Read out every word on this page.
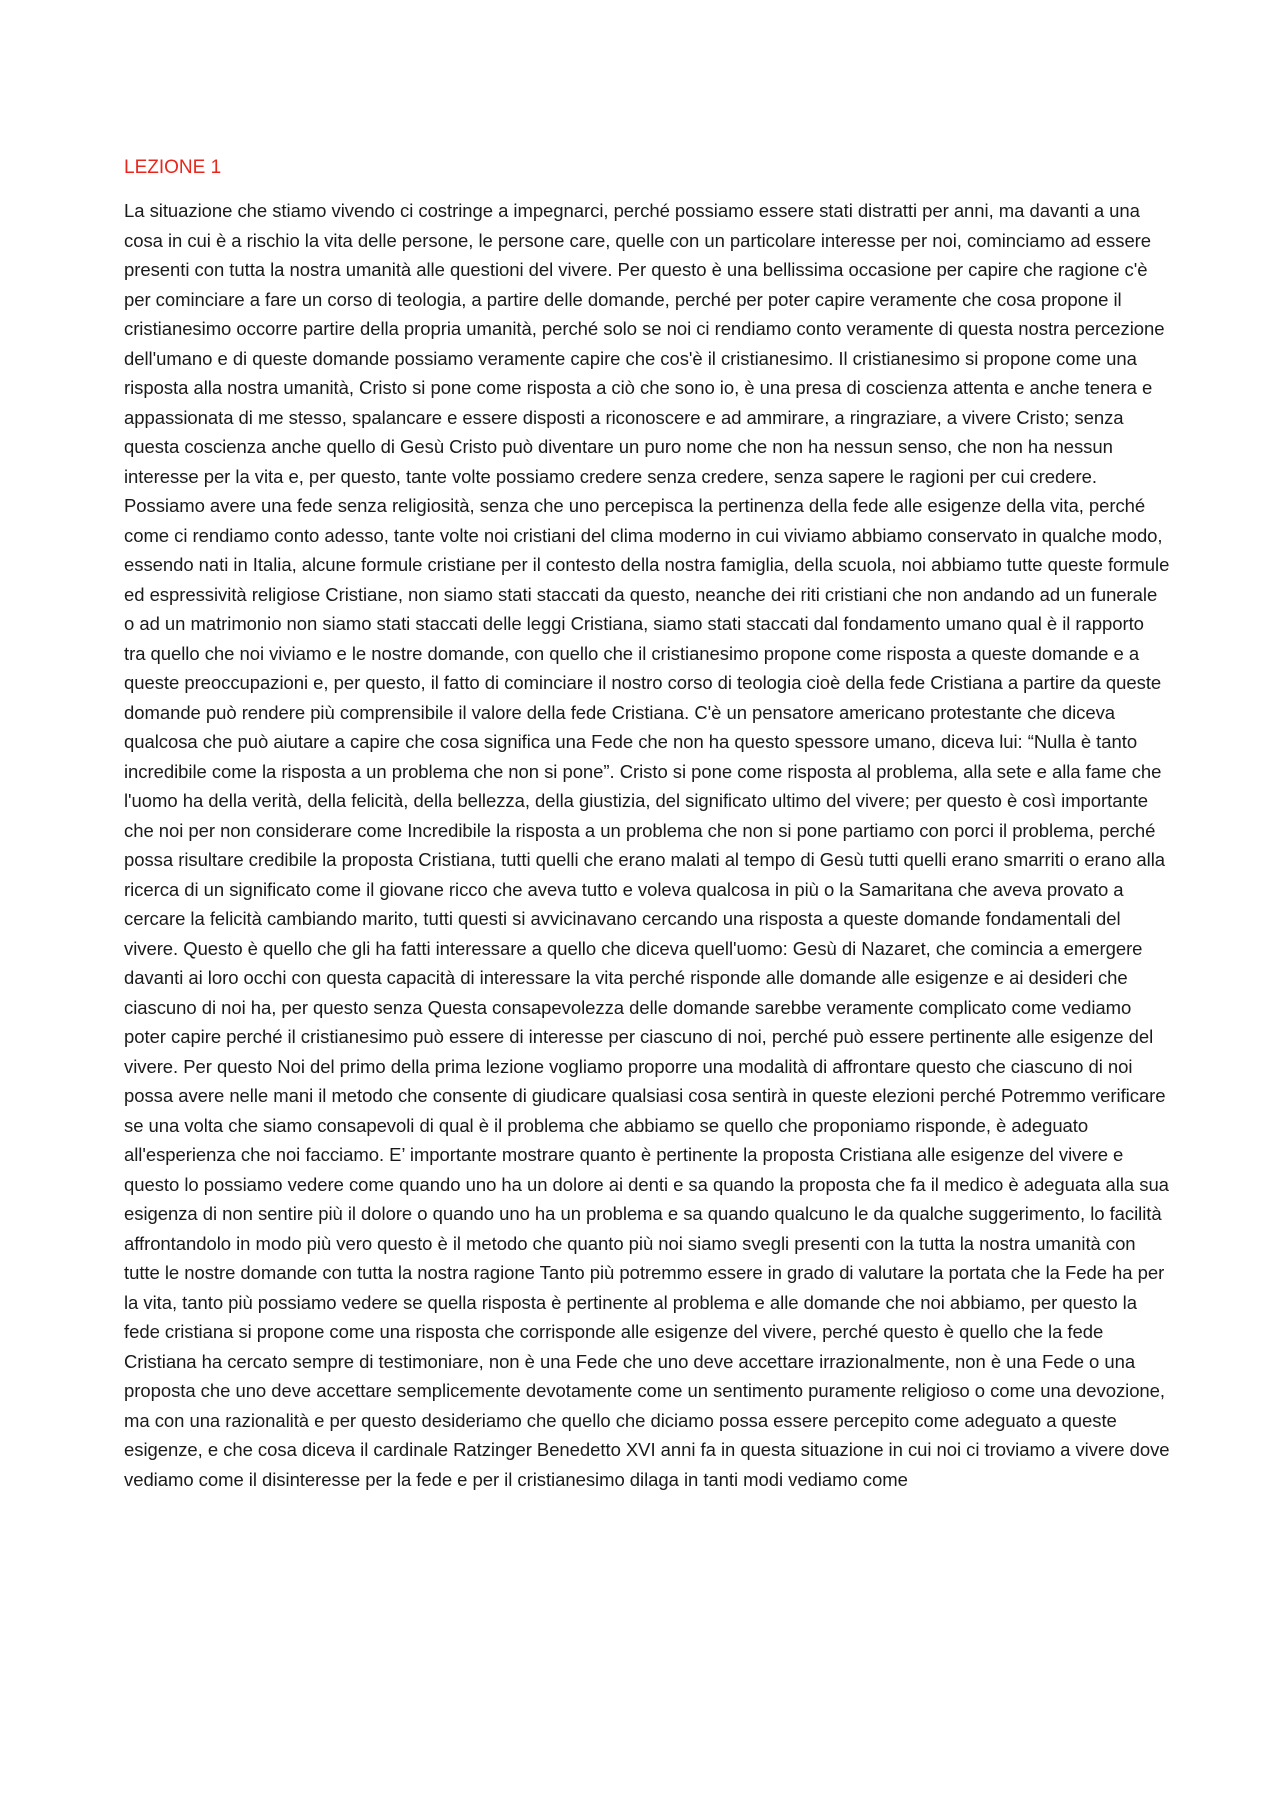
LEZIONE 1

La situazione che stiamo vivendo ci costringe a impegnarci, perché possiamo essere stati distratti per anni, ma davanti a una cosa in cui è a rischio la vita delle persone, le persone care, quelle con un particolare interesse per noi, cominciamo ad essere presenti con tutta la nostra umanità alle questioni del vivere. Per questo è una bellissima occasione per capire che ragione c'è per cominciare a fare un corso di teologia, a partire delle domande, perché per poter capire veramente che cosa propone il cristianesimo occorre partire della propria umanità, perché solo se noi ci rendiamo conto veramente di questa nostra percezione dell'umano e di queste domande possiamo veramente capire che cos'è il cristianesimo. Il cristianesimo si propone come una risposta alla nostra umanità, Cristo si pone come risposta a ciò che sono io, è una presa di coscienza attenta e anche tenera e appassionata di me stesso, spalancare e essere disposti a riconoscere e ad ammirare, a ringraziare, a vivere Cristo; senza questa coscienza anche quello di Gesù Cristo può diventare un puro nome che non ha nessun senso, che non ha nessun interesse per la vita e, per questo, tante volte possiamo credere senza credere, senza sapere le ragioni per cui credere. Possiamo avere una fede senza religiosità, senza che uno percepisca la pertinenza della fede alle esigenze della vita, perché come ci rendiamo conto adesso, tante volte noi cristiani del clima moderno in cui viviamo abbiamo conservato in qualche modo, essendo nati in Italia, alcune formule cristiane per il contesto della nostra famiglia, della scuola, noi abbiamo tutte queste formule ed espressività religiose Cristiane, non siamo stati staccati da questo, neanche dei riti cristiani che non andando ad un funerale o ad un matrimonio non siamo stati staccati delle leggi Cristiana, siamo stati staccati dal fondamento umano qual è il rapporto tra quello che noi viviamo e le nostre domande, con quello che il cristianesimo propone come risposta a queste domande e a queste preoccupazioni e, per questo, il fatto di cominciare il nostro corso di teologia cioè della fede Cristiana a partire da queste domande può rendere più comprensibile il valore della fede Cristiana. C'è un pensatore americano protestante che diceva qualcosa che può aiutare a capire che cosa significa una Fede che non ha questo spessore umano, diceva lui: “Nulla è tanto incredibile come la risposta a un problema che non si pone”. Cristo si pone come risposta al problema, alla sete e alla fame che l'uomo ha della verità, della felicità, della bellezza, della giustizia, del significato ultimo del vivere; per questo è così importante che noi per non considerare come Incredibile la risposta a un problema che non si pone partiamo con porci il problema, perché possa risultare credibile la proposta Cristiana, tutti quelli che erano malati al tempo di Gesù tutti quelli erano smarriti o erano alla ricerca di un significato come il giovane ricco che aveva tutto e voleva qualcosa in più o la Samaritana che aveva provato a cercare la felicità cambiando marito, tutti questi si avvicinavano cercando una risposta a queste domande fondamentali del vivere. Questo è quello che gli ha fatti interessare a quello che diceva quell'uomo: Gesù di Nazaret, che comincia a emergere davanti ai loro occhi con questa capacità di interessare la vita perché risponde alle domande alle esigenze e ai desideri che ciascuno di noi ha, per questo senza Questa consapevolezza delle domande sarebbe veramente complicato come vediamo poter capire perché il cristianesimo può essere di interesse per ciascuno di noi, perché può essere pertinente alle esigenze del vivere. Per questo Noi del primo della prima lezione vogliamo proporre una modalità di affrontare questo che ciascuno di noi possa avere nelle mani il metodo che consente di giudicare qualsiasi cosa sentirà in queste elezioni perché Potremmo verificare se una volta che siamo consapevoli di qual è il problema che abbiamo se quello che proponiamo risponde, è adeguato all'esperienza che noi facciamo. E’ importante mostrare quanto è pertinente la proposta Cristiana alle esigenze del vivere e questo lo possiamo vedere come quando uno ha un dolore ai denti e sa quando la proposta che fa il medico è adeguata alla sua esigenza di non sentire più il dolore o quando uno ha un problema e sa quando qualcuno le da qualche suggerimento, lo facilità affrontandolo in modo più vero questo è il metodo che quanto più noi siamo svegli presenti con la tutta la nostra umanità con tutte le nostre domande con tutta la nostra ragione Tanto più potremmo essere in grado di valutare la portata che la Fede ha per la vita, tanto più possiamo vedere se quella risposta è pertinente al problema e alle domande che noi abbiamo, per questo la fede cristiana si propone come una risposta che corrisponde alle esigenze del vivere, perché questo è quello che la fede Cristiana ha cercato sempre di testimoniare, non è una Fede che uno deve accettare irrazionalmente, non è una Fede o una proposta che uno deve accettare semplicemente devotamente come un sentimento puramente religioso o come una devozione, ma con una razionalità e per questo desideriamo che quello che diciamo possa essere percepito come adeguato a queste esigenze, e che cosa diceva il cardinale Ratzinger Benedetto XVI anni fa in questa situazione in cui noi ci troviamo a vivere dove vediamo come il disinteresse per la fede e per il cristianesimo dilaga in tanti modi vediamo come
